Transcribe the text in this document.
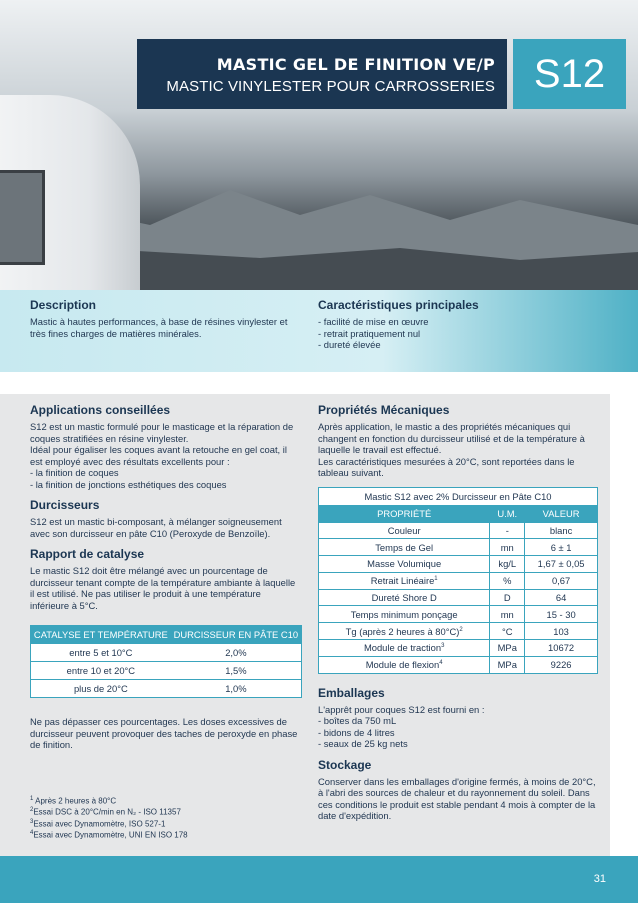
MASTIC GEL DE FINITION VE/P
MASTIC VINYLESTER POUR CARROSSERIES S12
Description

Mastic à hautes performances, à base de résines vinylester et très fines charges de matières minérales.

Caractéristiques principales
- facilité de mise en œuvre
- retrait pratiquement nul
- dureté élevée
Applications conseillées

S12 est un mastic formulé pour le masticage et la réparation de coques stratifiées en résine vinylester.

Idéal pour égaliser les coques avant la retouche en gel coat, il est employé avec des résultats excellents pour :

- la finition de coques
- la finition de jonctions esthétiques des coques
Durcisseurs

S12 est un mastic bi-composant, à mélanger soigneusement avec son durcisseur en pâte C10 (Peroxyde de Benzoïle).

Rapport de catalyse

Le mastic S12 doit être mélangé avec un pourcentage de durcisseur tenant compte de la température ambiante à laquelle il est utilisé. Ne pas utiliser le produit à une température inférieure à 5°C.

CATALYSE ET TEMPÉRATURE	DURCISSEUR EN PÂTE C10
entre 5 et 10°C	2,0%
entre 10 et 20°C	1,5%
plus de 20°C	1,0%

Ne pas dépasser ces pourcentages. Les doses excessives de durcisseur peuvent provoquer des taches de peroxyde en phase de finition.

$^1$ Après 2 heures à 80°C

$^2$Essai DSC à 20°C/min en N₂ - ISO 11357

$^3$Essai avec Dynamomètre, ISO 527-1

$^4$Essai avec Dynamomètre, UNI EN ISO 178

Propriétés Mécaniques

Après application, le mastic a des propriétés mécaniques qui changent en fonction du durcisseur utilisé et de la température à laquelle le travail est effectué.

Les caractéristiques mesurées à 20°C, sont reportées dans le tableau suivant.

Mastic S12 avec 2% Durcisseur en Pâte C10		
PROPRIÉTÉ	U.M.	VALEUR
Couleur	-	blanc
Temps de Gel	mn	6 ± 1
Masse Volumique	kg/L	1,67 ± 0,05
Retrait Linéaire$^1$	%	0,67
Dureté Shore D	D	64
Temps minimum ponçage	mn	15 - 30
Tg (après 2 heures à 80°C)$^2$	°C	103
Module de traction$^3$	MPa	10672
Module de flexion$^4$	MPa	9226
Emballages

L'apprêt pour coques S12 est fourni en :

- boîtes da 750 mL
- bidons de 4 litres
- seaux de 25 kg nets
Stockage

Conserver dans les emballages d'origine fermés, à moins de 20°C, à l'abri des sources de chaleur et du rayonnement du soleil. Dans ces conditions le produit est stable pendant 4 mois à compter de la date d'expédition.

31
